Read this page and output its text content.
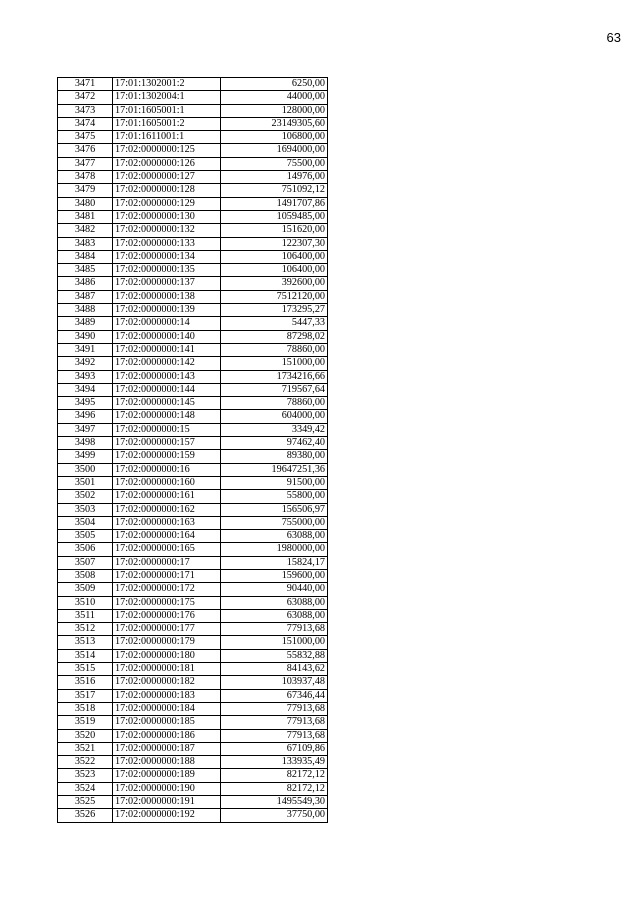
63
3471	17:01:1302001:2	6250,00
3472	17:01:1302004:1	44000,00
3473	17:01:1605001:1	128000,00
3474	17:01:1605001:2	23149305,60
3475	17:01:1611001:1	106800,00
3476	17:02:0000000:125	1694000,00
3477	17:02:0000000:126	75500,00
3478	17:02:0000000:127	14976,00
3479	17:02:0000000:128	751092,12
3480	17:02:0000000:129	1491707,86
3481	17:02:0000000:130	1059485,00
3482	17:02:0000000:132	151620,00
3483	17:02:0000000:133	122307,30
3484	17:02:0000000:134	106400,00
3485	17:02:0000000:135	106400,00
3486	17:02:0000000:137	392600,00
3487	17:02:0000000:138	7512120,00
3488	17:02:0000000:139	173295,27
3489	17:02:0000000:14	5447,33
3490	17:02:0000000:140	87298,02
3491	17:02:0000000:141	78860,00
3492	17:02:0000000:142	151000,00
3493	17:02:0000000:143	1734216,66
3494	17:02:0000000:144	719567,64
3495	17:02:0000000:145	78860,00
3496	17:02:0000000:148	604000,00
3497	17:02:0000000:15	3349,42
3498	17:02:0000000:157	97462,40
3499	17:02:0000000:159	89380,00
3500	17:02:0000000:16	19647251,36
3501	17:02:0000000:160	91500,00
3502	17:02:0000000:161	55800,00
3503	17:02:0000000:162	156506,97
3504	17:02:0000000:163	755000,00
3505	17:02:0000000:164	63088,00
3506	17:02:0000000:165	1980000,00
3507	17:02:0000000:17	15824,17
3508	17:02:0000000:171	159600,00
3509	17:02:0000000:172	90440,00
3510	17:02:0000000:175	63088,00
3511	17:02:0000000:176	63088,00
3512	17:02:0000000:177	77913,68
3513	17:02:0000000:179	151000,00
3514	17:02:0000000:180	55832,88
3515	17:02:0000000:181	84143,62
3516	17:02:0000000:182	103937,48
3517	17:02:0000000:183	67346,44
3518	17:02:0000000:184	77913,68
3519	17:02:0000000:185	77913,68
3520	17:02:0000000:186	77913,68
3521	17:02:0000000:187	67109,86
3522	17:02:0000000:188	133935,49
3523	17:02:0000000:189	82172,12
3524	17:02:0000000:190	82172,12
3525	17:02:0000000:191	1495549,30
3526	17:02:0000000:192	37750,00
